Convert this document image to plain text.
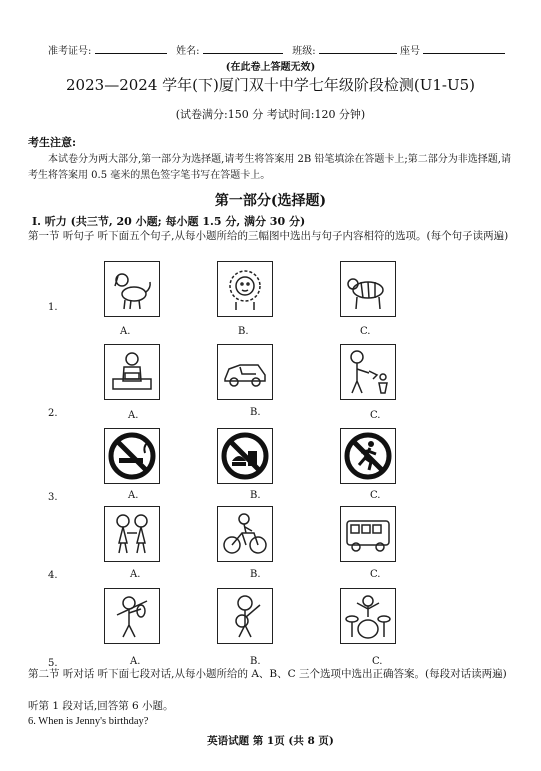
准考证号:	姓名:	班级:	座号
(在此卷上答题无效)
2023—2024 学年(下)厦门双十中学七年级阶段检测(U1-U5)
(试卷满分:150 分 考试时间:120 分钟)
考生注意:
本试卷分为两大部分,第一部分为选择题,请考生将答案用 2B 铅笔填涂在答题卡上;第二部分为非选择题,请考生将答案用 0.5 毫米的黑色签字笔书写在答题卡上。
第一部分(选择题)
I. 听力 (共三节, 20 小题; 每小题 1.5 分, 满分 30 分)
第一节 听句子 听下面五个句子,从每小题所给的三幅图中选出与句子内容相符的选项。(每个句子读两遍)
1.
A.	B.	C.
2.	A.	B.	C.
3.	A.	B.	C.
4.	A.	B.	C.
5.	A.	B.	C.
第二节 听对话 听下面七段对话,从每小题所给的 A、B、C 三个选项中选出正确答案。(每段对话读两遍)
听第 1 段对话,回答第 6 小题。
6. When is Jenny's birthday?
英语试题 第 1页 (共 8 页)
